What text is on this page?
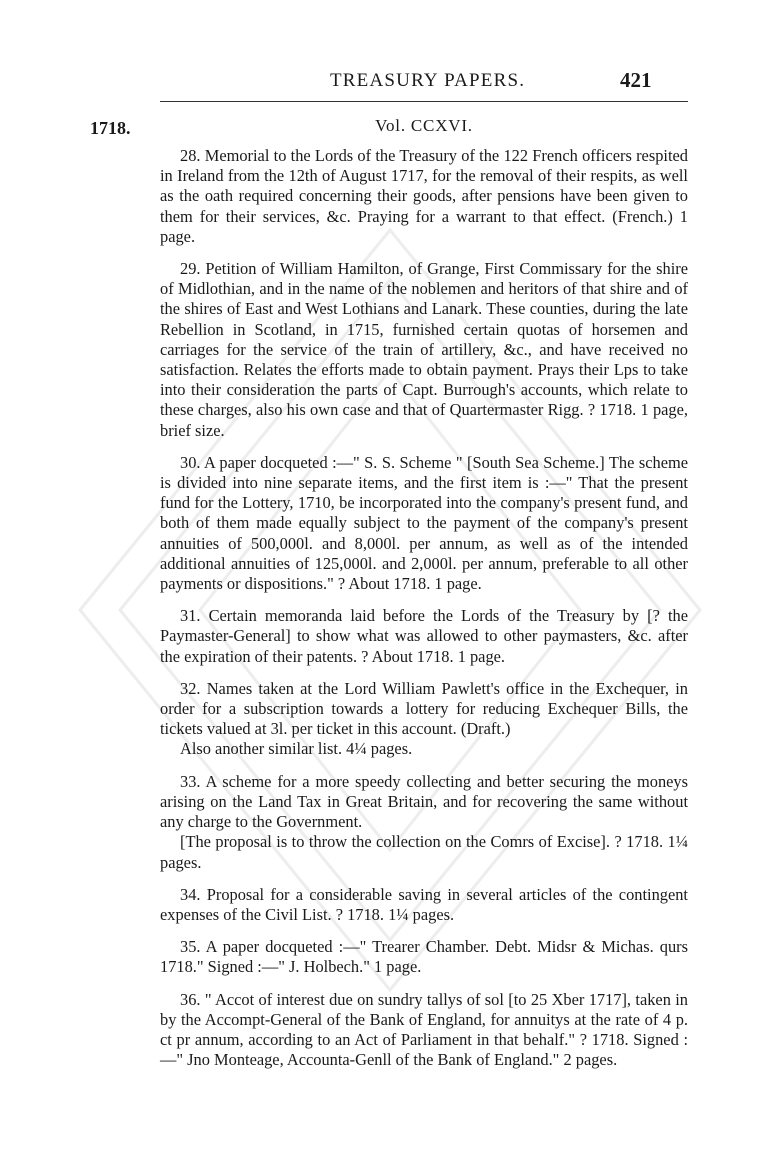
TREASURY PAPERS.	421
1718.	Vol. CCXVI.

28. Memorial to the Lords of the Treasury of the 122 French officers respited in Ireland from the 12th of August 1717, for the removal of their respits, as well as the oath required concerning their goods, after pensions have been given to them for their services, &c. Praying for a warrant to that effect. (French.) 1 page.

29. Petition of William Hamilton, of Grange, First Commissary for the shire of Midlothian, and in the name of the noblemen and heritors of that shire and of the shires of East and West Lothians and Lanark. These counties, during the late Rebellion in Scotland, in 1715, furnished certain quotas of horsemen and carriages for the service of the train of artillery, &c., and have received no satisfaction. Relates the efforts made to obtain payment. Prays their Lps to take into their consideration the parts of Capt. Burrough's accounts, which relate to these charges, also his own case and that of Quartermaster Rigg. ? 1718. 1 page, brief size.

30. A paper docqueted :—" S. S. Scheme " [South Sea Scheme.] The scheme is divided into nine separate items, and the first item is :—" That the present fund for the Lottery, 1710, be incorporated into the company's present fund, and both of them made equally subject to the payment of the company's present annuities of 500,000l. and 8,000l. per annum, as well as of the intended additional annuities of 125,000l. and 2,000l. per annum, preferable to all other payments or dispositions." ? About 1718. 1 page.

31. Certain memoranda laid before the Lords of the Treasury by [? the Paymaster-General] to show what was allowed to other paymasters, &c. after the expiration of their patents. ? About 1718. 1 page.

32. Names taken at the Lord William Pawlett's office in the Exchequer, in order for a subscription towards a lottery for reducing Exchequer Bills, the tickets valued at 3l. per ticket in this account. (Draft.)
Also another similar list. 4¼ pages.

33. A scheme for a more speedy collecting and better securing the moneys arising on the Land Tax in Great Britain, and for recovering the same without any charge to the Government.
[The proposal is to throw the collection on the Comrs of Excise]. ? 1718. 1¼ pages.

34. Proposal for a considerable saving in several articles of the contingent expenses of the Civil List. ? 1718. 1¼ pages.

35. A paper docqueted :—" Trearer Chamber. Debt. Midsr & Michas. qurs 1718." Signed :—" J. Holbech." 1 page.

36. " Accot of interest due on sundry tallys of sol [to 25 Xber 1717], taken in by the Accompt-General of the Bank of England, for annuitys at the rate of 4 p. ct pr annum, according to an Act of Parliament in that behalf." ? 1718. Signed :—" Jno Monteage, Accounta-Genll of the Bank of England." 2 pages.
